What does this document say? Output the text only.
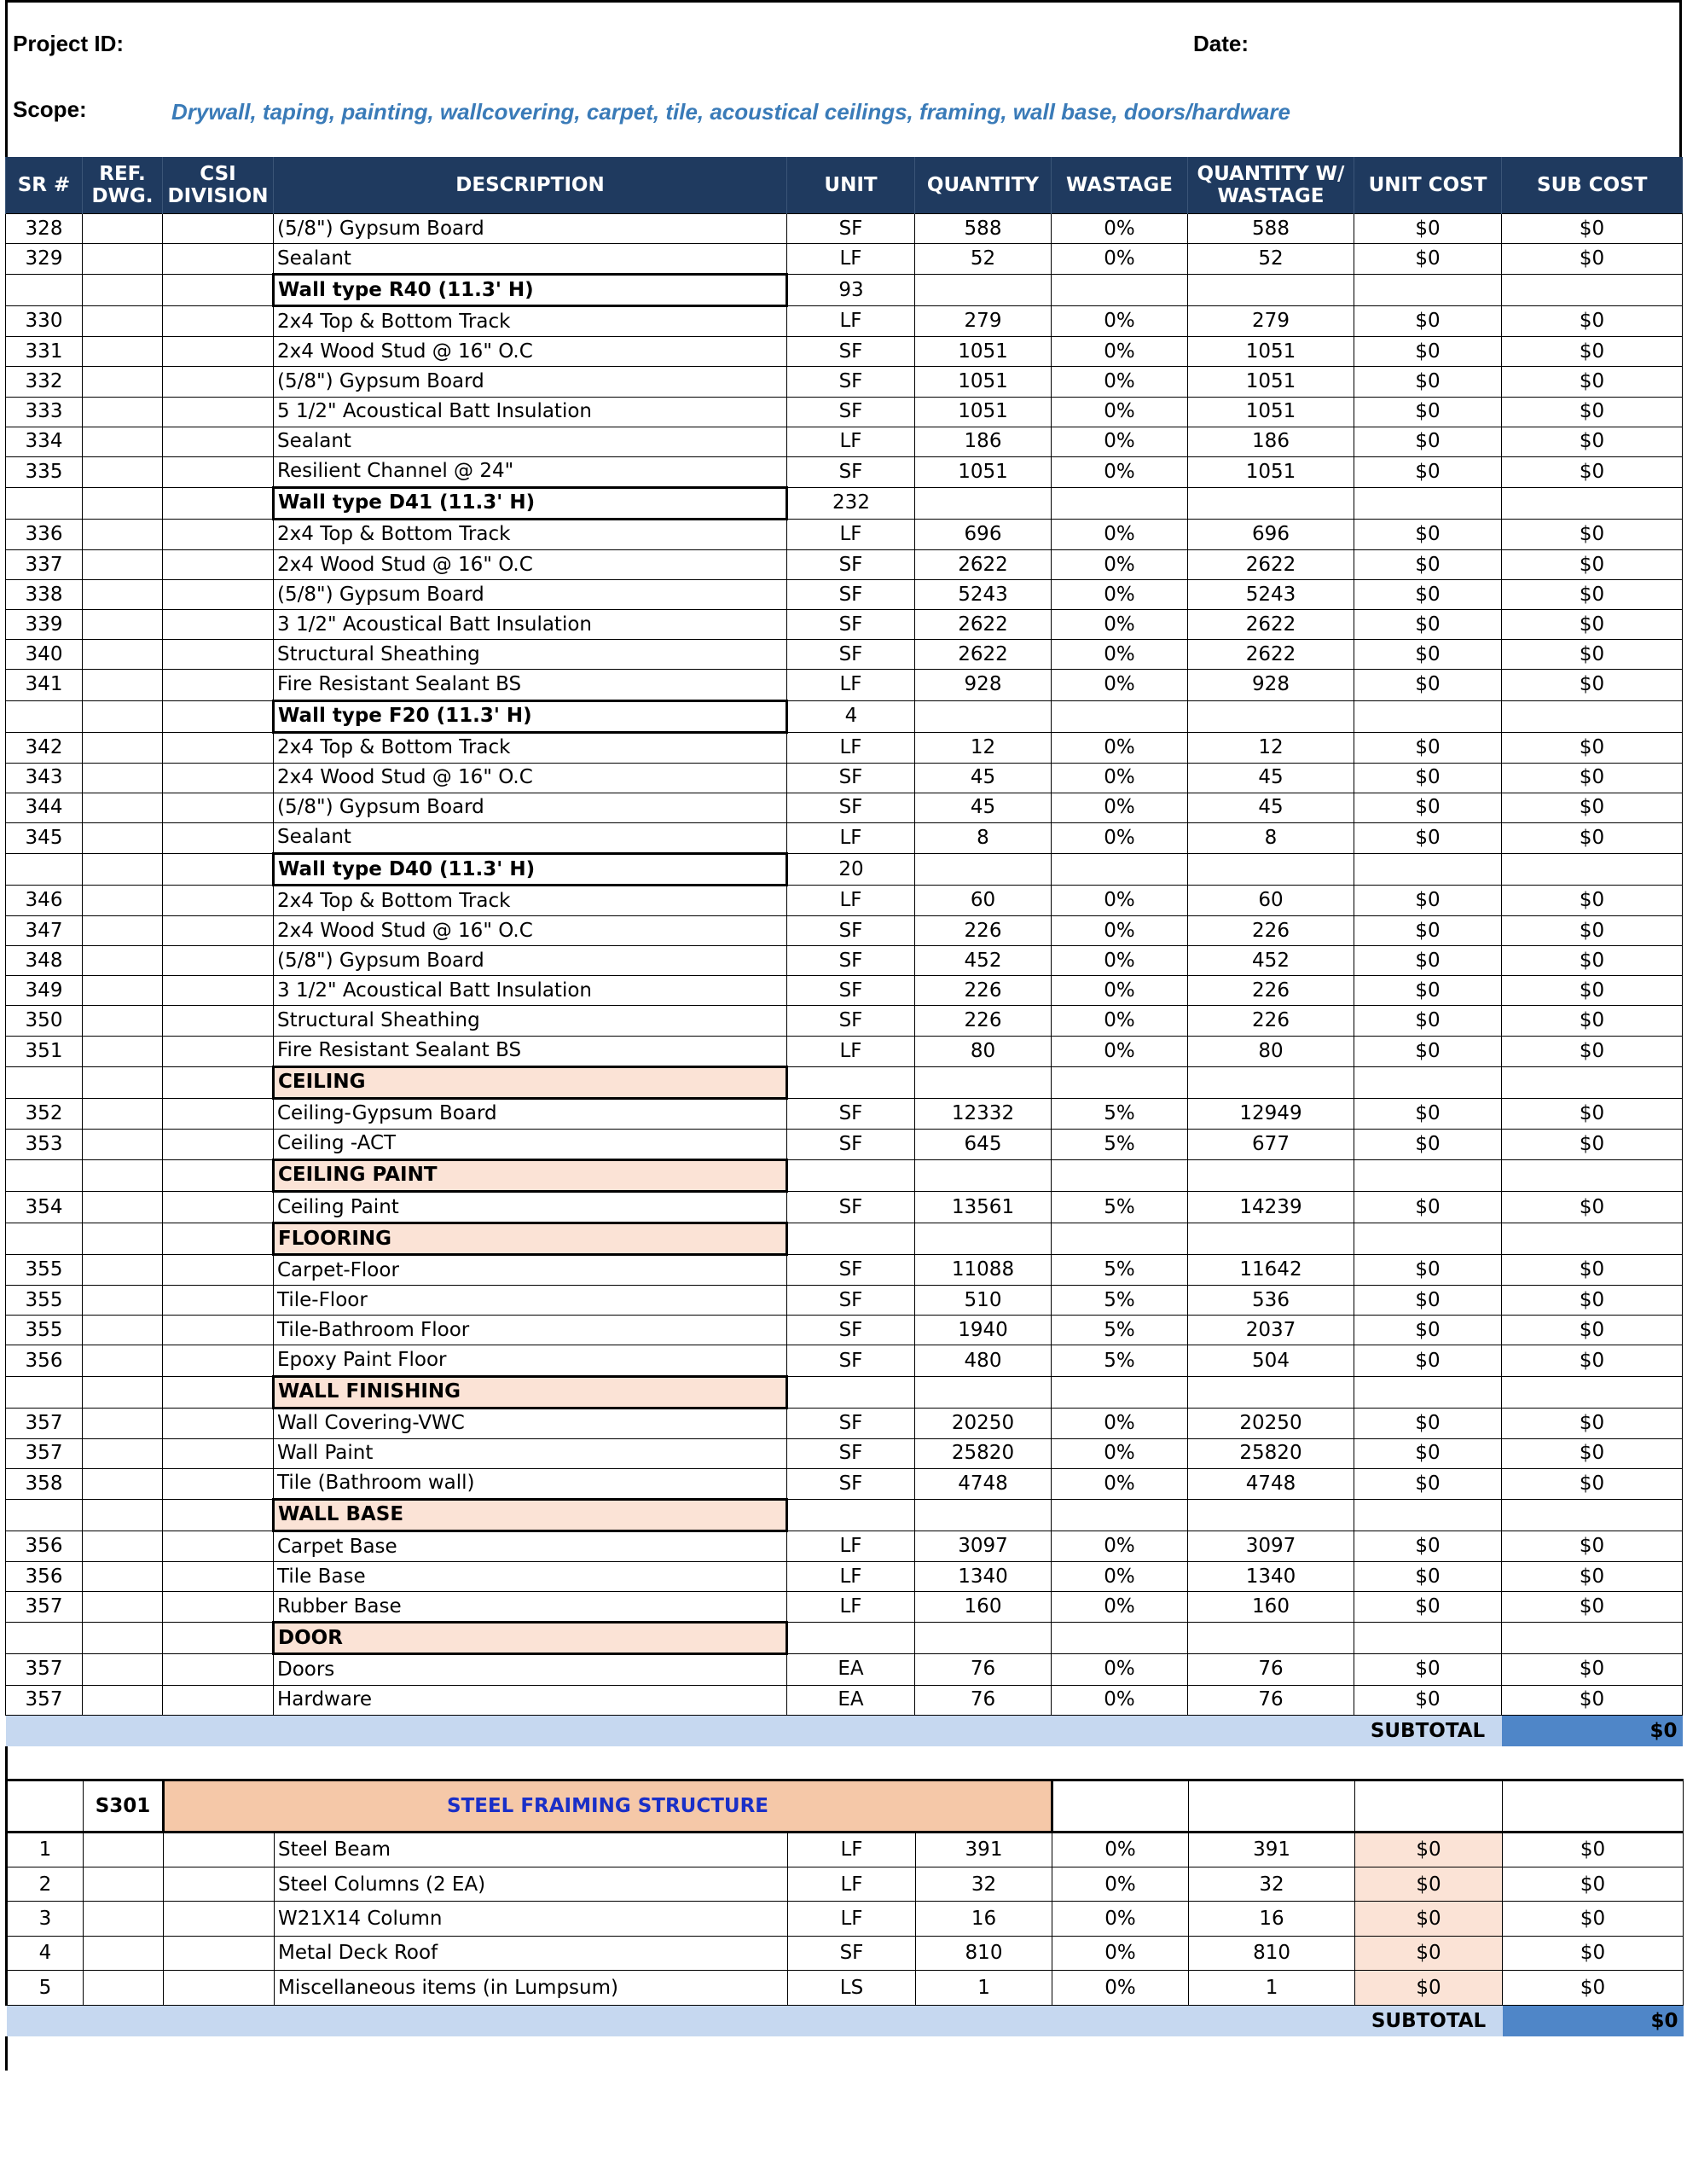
Project ID:	Date:
Scope:	Drywall, taping, painting, wallcovering, carpet, tile, acoustical ceilings, framing, wall base, doors/hardware
SR #	REF. DWG.	CSI DIVISION	DESCRIPTION	UNIT	QUANTITY	WASTAGE	QUANTITY W/ WASTAGE	UNIT COST	SUB COST
328			(5/8") Gypsum Board	SF	588	0%	588	$0	$0
329			Sealant	LF	52	0%	52	$0	$0
			Wall type R40 (11.3' H)	93					
330			2x4 Top & Bottom Track	LF	279	0%	279	$0	$0
331			2x4 Wood Stud @ 16" O.C	SF	1051	0%	1051	$0	$0
332			(5/8") Gypsum Board	SF	1051	0%	1051	$0	$0
333			5 1/2" Acoustical Batt Insulation	SF	1051	0%	1051	$0	$0
334			Sealant	LF	186	0%	186	$0	$0
335			Resilient Channel @ 24"	SF	1051	0%	1051	$0	$0
			Wall type D41 (11.3' H)	232					
336			2x4 Top & Bottom Track	LF	696	0%	696	$0	$0
337			2x4 Wood Stud @ 16" O.C	SF	2622	0%	2622	$0	$0
338			(5/8") Gypsum Board	SF	5243	0%	5243	$0	$0
339			3 1/2" Acoustical Batt Insulation	SF	2622	0%	2622	$0	$0
340			Structural Sheathing	SF	2622	0%	2622	$0	$0
341			Fire Resistant Sealant BS	LF	928	0%	928	$0	$0
			Wall type F20 (11.3' H)	4					
342			2x4 Top & Bottom Track	LF	12	0%	12	$0	$0
343			2x4 Wood Stud @ 16" O.C	SF	45	0%	45	$0	$0
344			(5/8") Gypsum Board	SF	45	0%	45	$0	$0
345			Sealant	LF	8	0%	8	$0	$0
			Wall type D40 (11.3' H)	20					
346			2x4 Top & Bottom Track	LF	60	0%	60	$0	$0
347			2x4 Wood Stud @ 16" O.C	SF	226	0%	226	$0	$0
348			(5/8") Gypsum Board	SF	452	0%	452	$0	$0
349			3 1/2" Acoustical Batt Insulation	SF	226	0%	226	$0	$0
350			Structural Sheathing	SF	226	0%	226	$0	$0
351			Fire Resistant Sealant BS	LF	80	0%	80	$0	$0
			CEILING						
352			Ceiling-Gypsum Board	SF	12332	5%	12949	$0	$0
353			Ceiling -ACT	SF	645	5%	677	$0	$0
			CEILING PAINT						
354			Ceiling Paint	SF	13561	5%	14239	$0	$0
			FLOORING						
355			Carpet-Floor	SF	11088	5%	11642	$0	$0
355			Tile-Floor	SF	510	5%	536	$0	$0
355			Tile-Bathroom Floor	SF	1940	5%	2037	$0	$0
356			Epoxy Paint Floor	SF	480	5%	504	$0	$0
			WALL FINISHING						
357			Wall Covering-VWC	SF	20250	0%	20250	$0	$0
357			Wall Paint	SF	25820	0%	25820	$0	$0
358			Tile (Bathroom wall)	SF	4748	0%	4748	$0	$0
			WALL BASE						
356			Carpet Base	LF	3097	0%	3097	$0	$0
356			Tile Base	LF	1340	0%	1340	$0	$0
357			Rubber Base	LF	160	0%	160	$0	$0
			DOOR						
357			Doors	EA	76	0%	76	$0	$0
357			Hardware	EA	76	0%	76	$0	$0
								SUBTOTAL	$0
	S301	STEEL FRAIMING STRUCTURE							
1			Steel Beam	LF	391	0%	391	$0	$0
2			Steel Columns (2 EA)	LF	32	0%	32	$0	$0
3			W21X14 Column	LF	16	0%	16	$0	$0
4			Metal Deck Roof	SF	810	0%	810	$0	$0
5			Miscellaneous items (in Lumpsum)	LS	1	0%	1	$0	$0
								SUBTOTAL	$0
